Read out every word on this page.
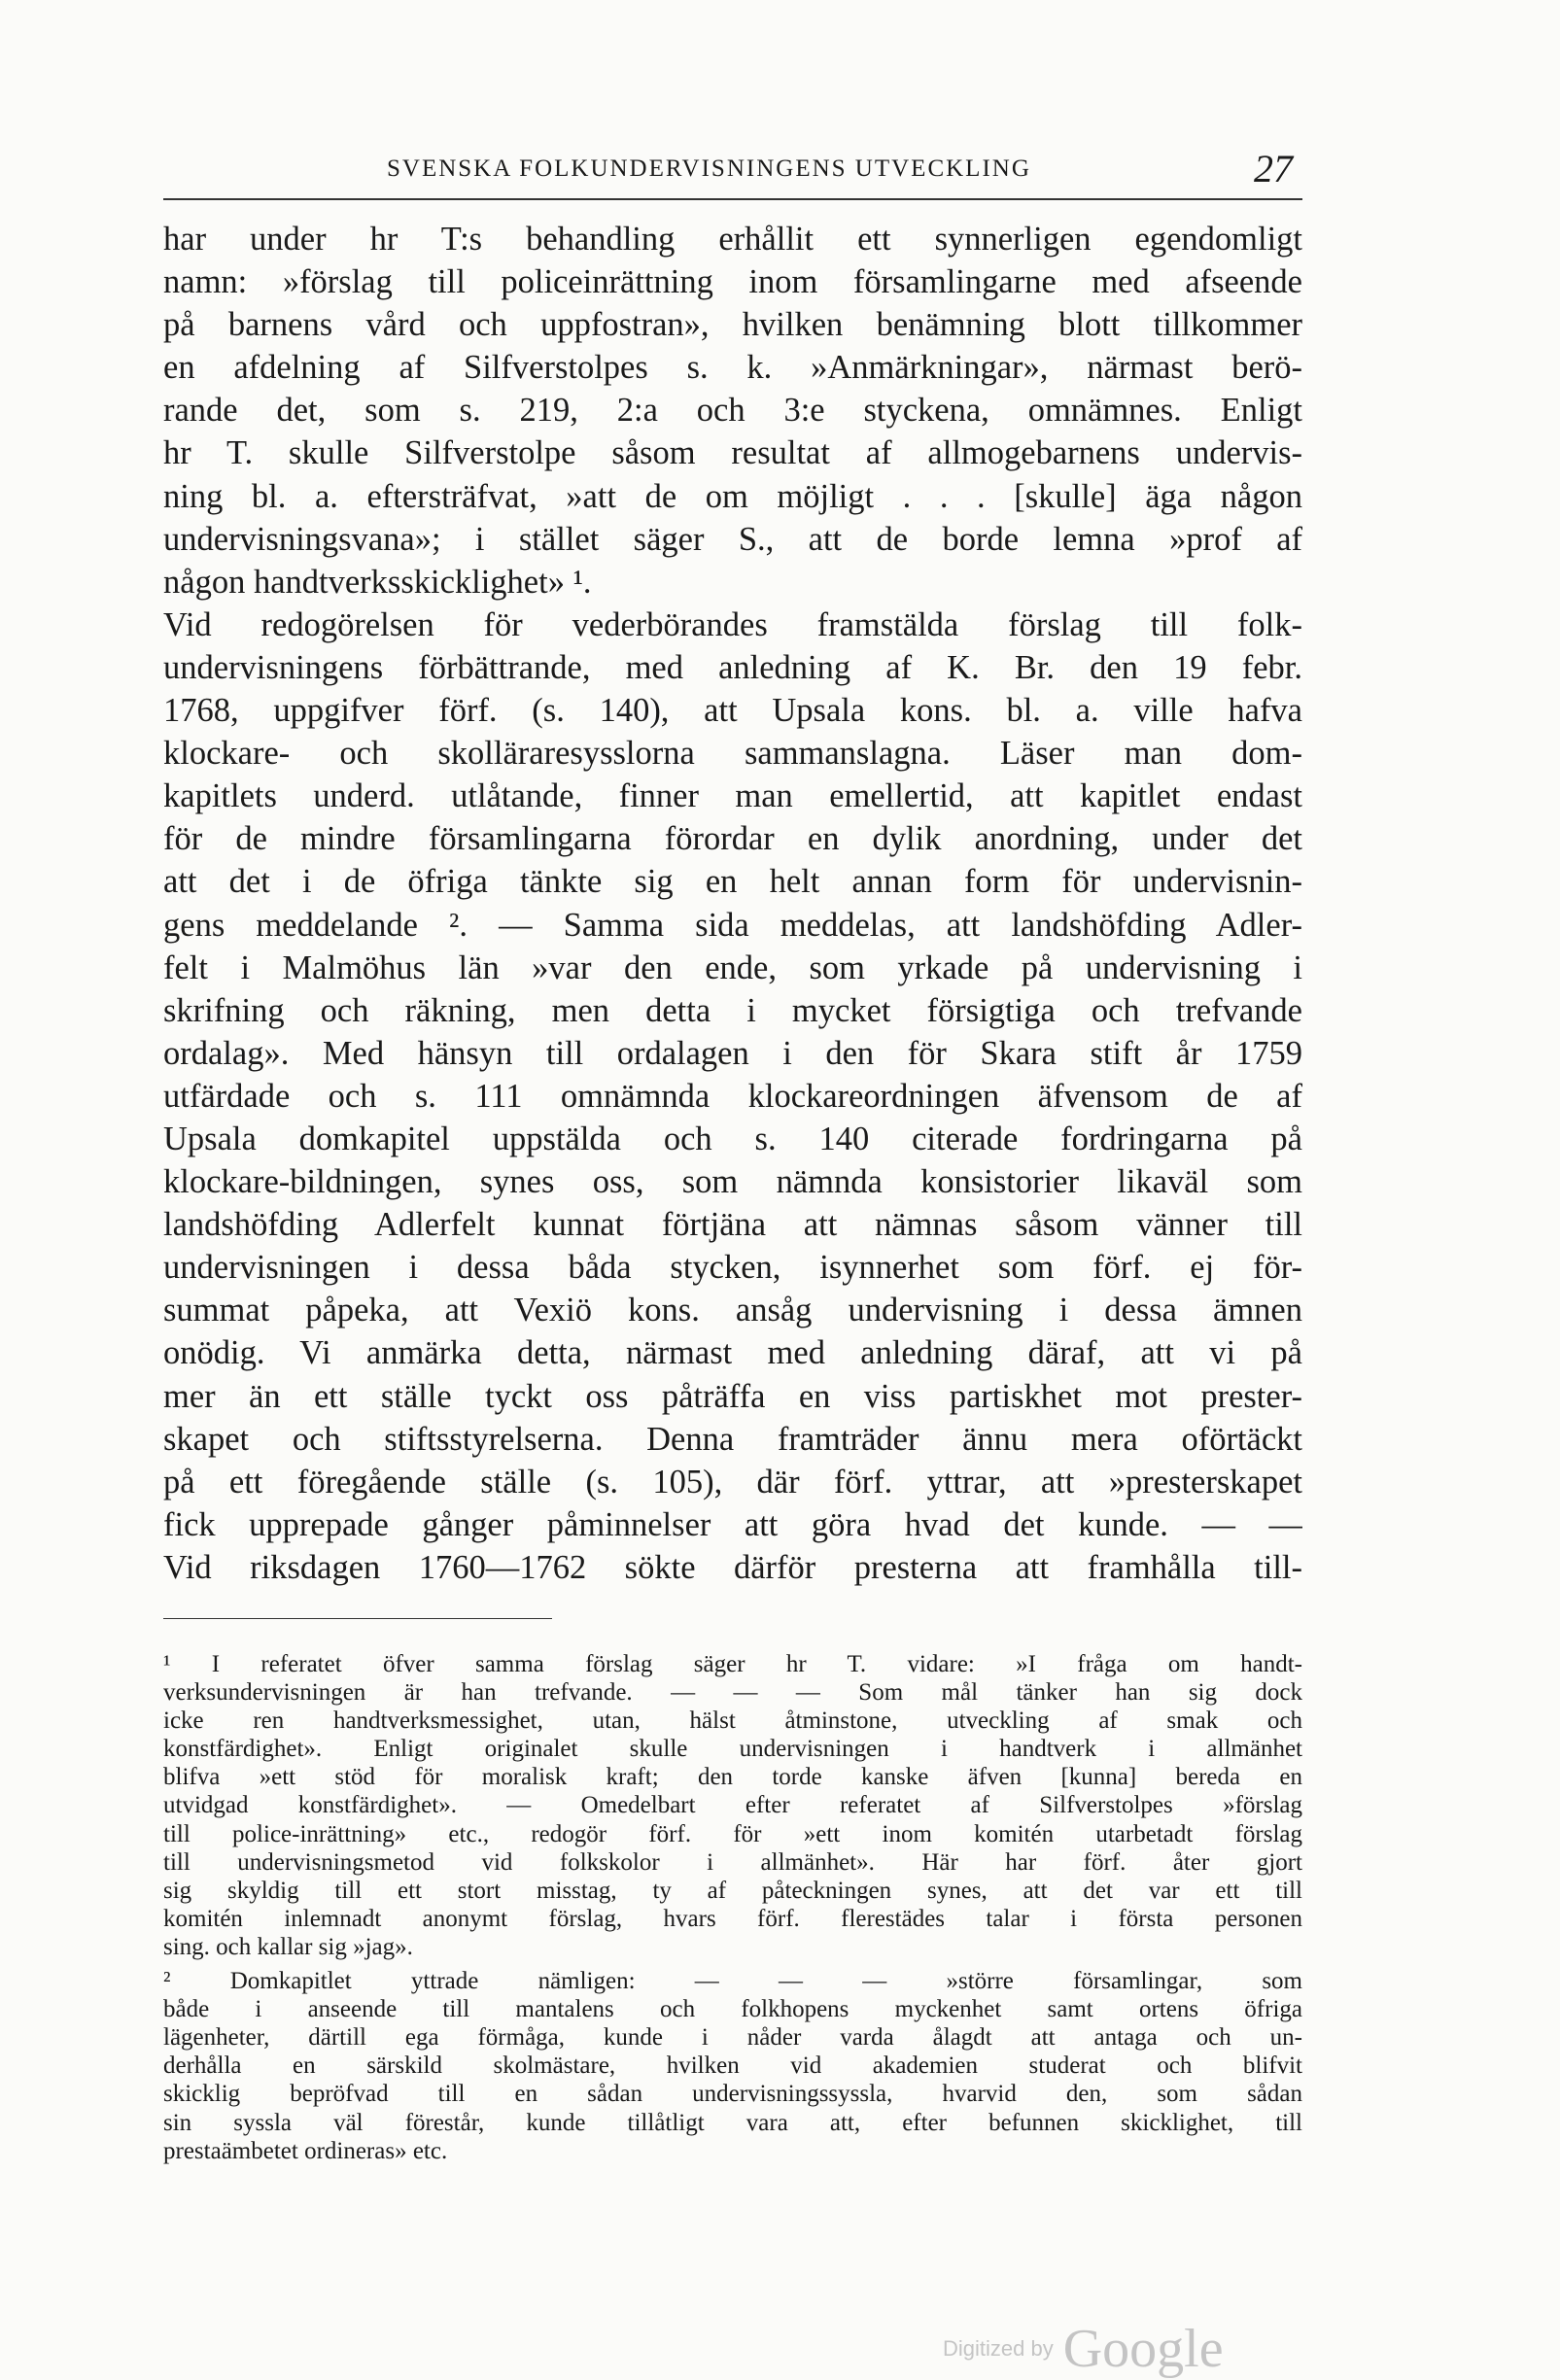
SVENSKA FOLKUNDERVISNINGENS UTVECKLING	27
har under hr T:s behandling erhållit ett synnerligen egendomligt
namn: »förslag till policeinrättning inom församlingarne med afseende
på barnens vård och uppfostran», hvilken benämning blott tillkommer
en afdelning af Silfverstolpes s. k. »Anmärkningar», närmast berö-
rande det, som s. 219, 2:a och 3:e styckena, omnämnes. Enligt
hr T. skulle Silfverstolpe såsom resultat af allmogebarnens undervis-
ning bl. a. eftersträfvat, »att de om möjligt . . . [skulle] äga någon
undervisningsvana»; i stället säger S., att de borde lemna »prof af
någon handtverksskicklighet» ¹.
Vid redogörelsen för vederbörandes framstälda förslag till folk-
undervisningens förbättrande, med anledning af K. Br. den 19 febr.
1768, uppgifver förf. (s. 140), att Upsala kons. bl. a. ville hafva
klockare- och skollärаresysslorna sammanslagna. Läser man dom-
kapitlets underd. utlåtande, finner man emellertid, att kapitlet endast
för de mindre församlingarna förordar en dylik anordning, under det
att det i de öfriga tänkte sig en helt annan form för undervisnin-
gens meddelande ². — Samma sida meddelas, att landshöfding Adler-
felt i Malmöhus län »var den ende, som yrkade på undervisning i
skrifning och räkning, men detta i mycket försigtiga och trefvande
ordalag». Med hänsyn till ordalagen i den för Skara stift år 1759
utfärdade och s. 111 omnämnda klockareordningen äfvensom de af
Upsala domkapitel uppstälda och s. 140 citerade fordringarna på
klockare-bildningen, synes oss, som nämnda konsistorier likaväl som
landshöfding Adlerfelt kunnat förtjäna att nämnas såsom vänner till
undervisningen i dessa båda stycken, isynnerhet som förf. ej för-
summat påpeka, att Vexiö kons. ansåg undervisning i dessa ämnen
onödig. Vi anmärka detta, närmast med anledning däraf, att vi på
mer än ett ställe tyckt oss påträffa en viss partiskhet mot prester-
skapet och stiftsstyrelserna. Denna framträder ännu mera oförtäckt
på ett föregående ställe (s. 105), där förf. yttrar, att »presterskapet
fick upprepade gånger påminnelser att göra hvad det kunde. — —
Vid riksdagen 1760—1762 sökte därför presterna att framhålla till-
¹ I referatet öfver samma förslag säger hr T. vidare: »I fråga om handt-
verksundervisningen är han trefvande. — — — Som mål tänker han sig dock
icke ren handtverksmessighet, utan, hälst åtminstone, utveckling af smak och
konstfärdighet». Enligt originalet skulle undervisningen i handtverk i allmänhet
blifva »ett stöd för moralisk kraft; den torde kanske äfven [kunna] bereda en
utvidgad konstfärdighet». — Omedelbart efter referatet af Silfverstolpes »förslag
till police-inrättning» etc., redogör förf. för »ett inom komitén utarbetadt förslag
till undervisningsmetod vid folkskolor i allmänhet». Här har förf. åter gjort
sig skyldig till ett stort misstag, ty af påteckningen synes, att det var ett till
komitén inlemnadt anonymt förslag, hvars förf. flerestädes talar i första personen
sing. och kallar sig »jag».
² Domkapitlet yttrade nämligen: — — — »större församlingar, som
både i anseende till mantalens och folkhopens myckenhet samt ortens öfriga
lägenheter, därtill ega förmåga, kunde i nåder varda ålagdt att antaga och un-
derhålla en särskild skolmästare, hvilken vid akademien studerat och blifvit
skicklig bepröfvad till en sådan undervisningssyssla, hvarvid den, som sådan
sin syssla väl förestår, kunde tillåtligt vara att, efter befunnen skicklighet, till
prestaämbetet ordineras» etc.
Digitized by Google
